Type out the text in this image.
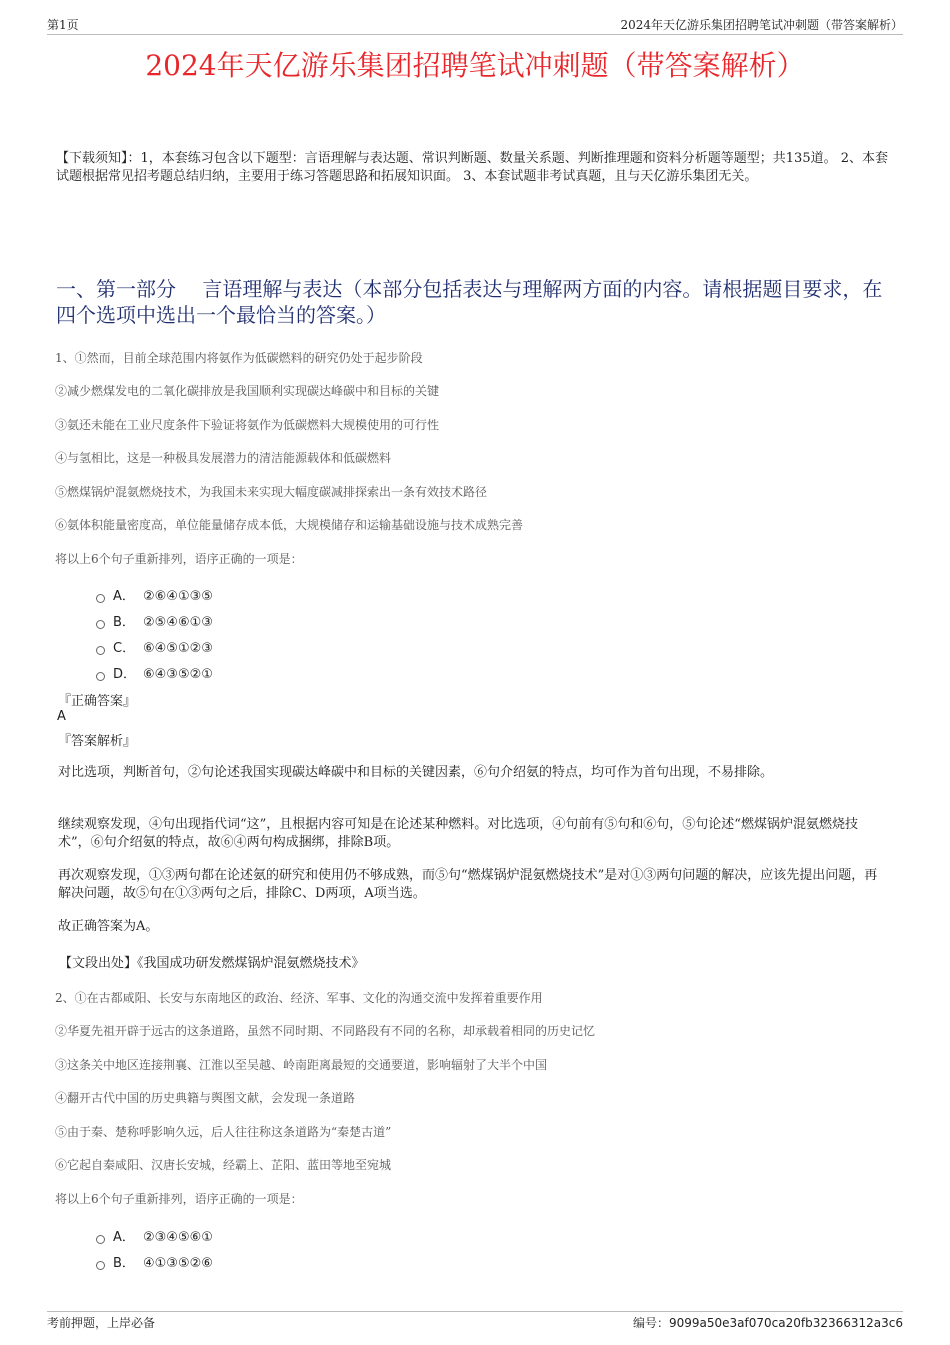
第1页	2024年天亿游乐集团招聘笔试冲刺题（带答案解析）
2024年天亿游乐集团招聘笔试冲刺题（带答案解析）
【下载须知】：1，本套练习包含以下题型：言语理解与表达题、常识判断题、数量关系题、判断推理题和资料分析题等题型；共135道。 2、本套试题根据常见招考题总结归纳，主要用于练习答题思路和拓展知识面。 3、本套试题非考试真题，且与天亿游乐集团无关。
一、第一部分　 言语理解与表达（本部分包括表达与理解两方面的内容。请根据题目要求，在四个选项中选出一个最恰当的答案。）
1、①然而，目前全球范围内将氨作为低碳燃料的研究仍处于起步阶段
②减少燃煤发电的二氧化碳排放是我国顺利实现碳达峰碳中和目标的关键
③氨还未能在工业尺度条件下验证将氨作为低碳燃料大规模使用的可行性
④与氢相比，这是一种极具发展潜力的清洁能源载体和低碳燃料
⑤燃煤锅炉混氨燃烧技术，为我国未来实现大幅度碳减排探索出一条有效技术路径
⑥氨体积能量密度高，单位能量储存成本低，大规模储存和运输基础设施与技术成熟完善
将以上6个句子重新排列，语序正确的一项是：
A． ②⑥④①③⑤
B． ②⑤④⑥①③
C． ⑥④⑤①②③
D． ⑥④③⑤②①
『正确答案』
A
『答案解析』
对比选项，判断首句，②句论述我国实现碳达峰碳中和目标的关键因素，⑥句介绍氨的特点，均可作为首句出现，不易排除。
继续观察发现，④句出现指代词“这”，且根据内容可知是在论述某种燃料。对比选项，④句前有⑤句和⑥句，⑤句论述“燃煤锅炉混氨燃烧技术”，⑥句介绍氨的特点，故⑥④两句构成捆绑，排除B项。
再次观察发现，①③两句都在论述氨的研究和使用仍不够成熟，而⑤句“燃煤锅炉混氨燃烧技术”是对①③两句问题的解决，应该先提出问题，再解决问题，故⑤句在①③两句之后，排除C、D两项，A项当选。
故正确答案为A。
【文段出处】《我国成功研发燃煤锅炉混氨燃烧技术》
2、①在古都咸阳、长安与东南地区的政治、经济、军事、文化的沟通交流中发挥着重要作用
②华夏先祖开辟于远古的这条道路，虽然不同时期、不同路段有不同的名称，却承载着相同的历史记忆
③这条关中地区连接荆襄、江淮以至吴越、岭南距离最短的交通要道，影响辐射了大半个中国
④翻开古代中国的历史典籍与舆图文献，会发现一条道路
⑤由于秦、楚称呼影响久远，后人往往称这条道路为“秦楚古道”
⑥它起自秦咸阳、汉唐长安城，经霸上、芷阳、蓝田等地至宛城
将以上6个句子重新排列，语序正确的一项是：
A． ②③④⑤⑥①
B． ④①③⑤②⑥
考前押题，上岸必备	编号：9099a50e3af070ca20fb32366312a3c6
